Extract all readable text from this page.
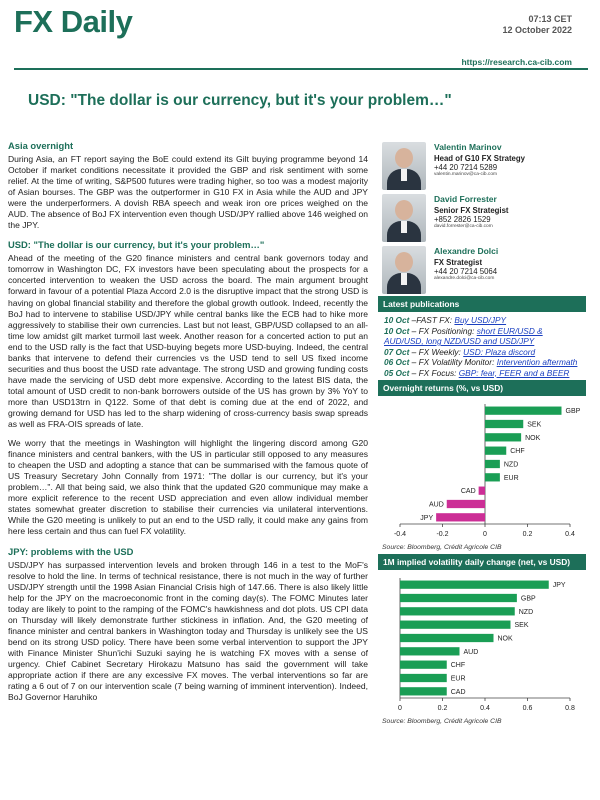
FX Daily	07:13 CET
12 October 2022
https://research.ca-cib.com
USD: "The dollar is our currency, but it's your problem…"
Asia overnight

During Asia, an FT report saying the BoE could extend its Gilt buying programme beyond 14 October if market conditions necessitate it provided the GBP and risk sentiment with some relief. At the time of writing, S&P500 futures were trading higher, so too was a modest majority of Asian bourses. The GBP was the outperformer in G10 FX in Asia while the AUD and JPY were the underperformers. A dovish RBA speech and weak iron ore prices weighed on the AUD. The absence of BoJ FX intervention even though USD/JPY rallied above 146 weighed on the JPY.

USD: "The dollar is our currency, but it's your problem…"

Ahead of the meeting of the G20 finance ministers and central bank governors today and tomorrow in Washington DC, FX investors have been speculating about the prospects for a concerted intervention to weaken the USD across the board. The main argument brought forward in favour of a potential Plaza Accord 2.0 is the disruptive impact that the strong USD is having on global financial stability and therefore the global growth outlook. Indeed, recently the BoJ had to intervene to stabilise USD/JPY while central banks like the ECB had to hike more aggressively to stabilise their own currencies. Last but not least, GBP/USD collapsed to an all-time low amidst gilt market turmoil last week. Another reason for a concerted action to put an end to the USD rally is the fact that USD-buying begets more USD-buying. Indeed, the central banks that intervene to defend their currencies vs the USD tend to sell US fixed income securities and thus boost the USD rate advantage. The strong USD and growing funding costs have made the servicing of USD debt more expensive. According to the latest BIS data, the total amount of USD credit to non-bank borrowers outside of the US has grown by 3% YoY to more than USD13trn in Q122. Some of that debt is coming due at the end of 2022, and growing demand for USD has led to the sharp widening of cross-currency basis swap spreads as well as FRA-OIS spreads of late.

We worry that the meetings in Washington will highlight the lingering discord among G20 finance ministers and central bankers, with the US in particular still opposed to any measures to cheapen the USD and adopting a stance that can be summarised with the famous quote of US Treasury Secretary John Connally from 1971: "The dollar is our currency, but it's your problem…". All that being said, we also think that the updated G20 communique may make a more explicit reference to the recent USD appreciation and even allow individual member states somewhat greater discretion to stabilise their currencies via unilateral interventions. While the G20 meeting is unlikely to put an end to the USD rally, it could make any gains from here less certain and thus can fuel FX volatility.

JPY: problems with the USD

USD/JPY has surpassed intervention levels and broken through 146 in a test to the MoF's resolve to hold the line. In terms of technical resistance, there is not much in the way of further USD/JPY strength until the 1998 Asian Financial Crisis high of 147.66. There is also likely little help for the JPY on the macroeconomic front in the coming day(s). The FOMC Minutes later today are likely to point to the ramping of the FOMC's hawkishness and dot plots. US CPI data on Thursday will likely demonstrate further stickiness in inflation. And, the G20 meeting of finance minister and central bankers in Washington today and Thursday is unlikely see the US bend on its strong USD policy. There have been some verbal intervention to support the JPY with Finance Minister Shun'ichi Suzuki saying he is watching FX moves with a sense of urgency. Chief Cabinet Secretary Hirokazu Matsuno has said the government will take appropriate action if there are any excessive FX moves. The verbal interventions so far are rating a 6 out of 7 on our intervention scale (7 being warning of imminent intervention). Indeed, BoJ Governor Haruhiko

Valentin Marinov
Head of G10 FX Strategy
+44 20 7214 5289
valentin.marinov@ca-cib.com
David Forrester
Senior FX Strategist
+852 2826 1529
david.forrester@ca-cib.com
Alexandre Dolci
FX Strategist
+44 20 7214 5064
alexandre.dolci@ca-cib.com
Latest publications
10 Oct –FAST FX: Buy USD/JPY
10 Oct – FX Positioning: short EUR/USD & AUD/USD, long NZD/USD and USD/JPY
07 Oct – FX Weekly: USD: Plaza discord
06 Oct – FX Volatility Monitor: Intervention aftermath
05 Oct – FX Focus: GBP: fear, FEER and a BEER
Overnight returns (%, vs USD)
GBP
SEK
NOK
CHF
NZD
EUR
CAD
AUD
JPY
-0.4	-0.2	0	0.2	0.4
Source: Bloomberg, Crédit Agricole CIB
1M implied volatility daily change (net, vs USD)
JPY
GBP
NZD
SEK
NOK
AUD
CHF
EUR
CAD
0	0.2	0.4	0.6	0.8
Source: Bloomberg, Crédit Agricole CIB
